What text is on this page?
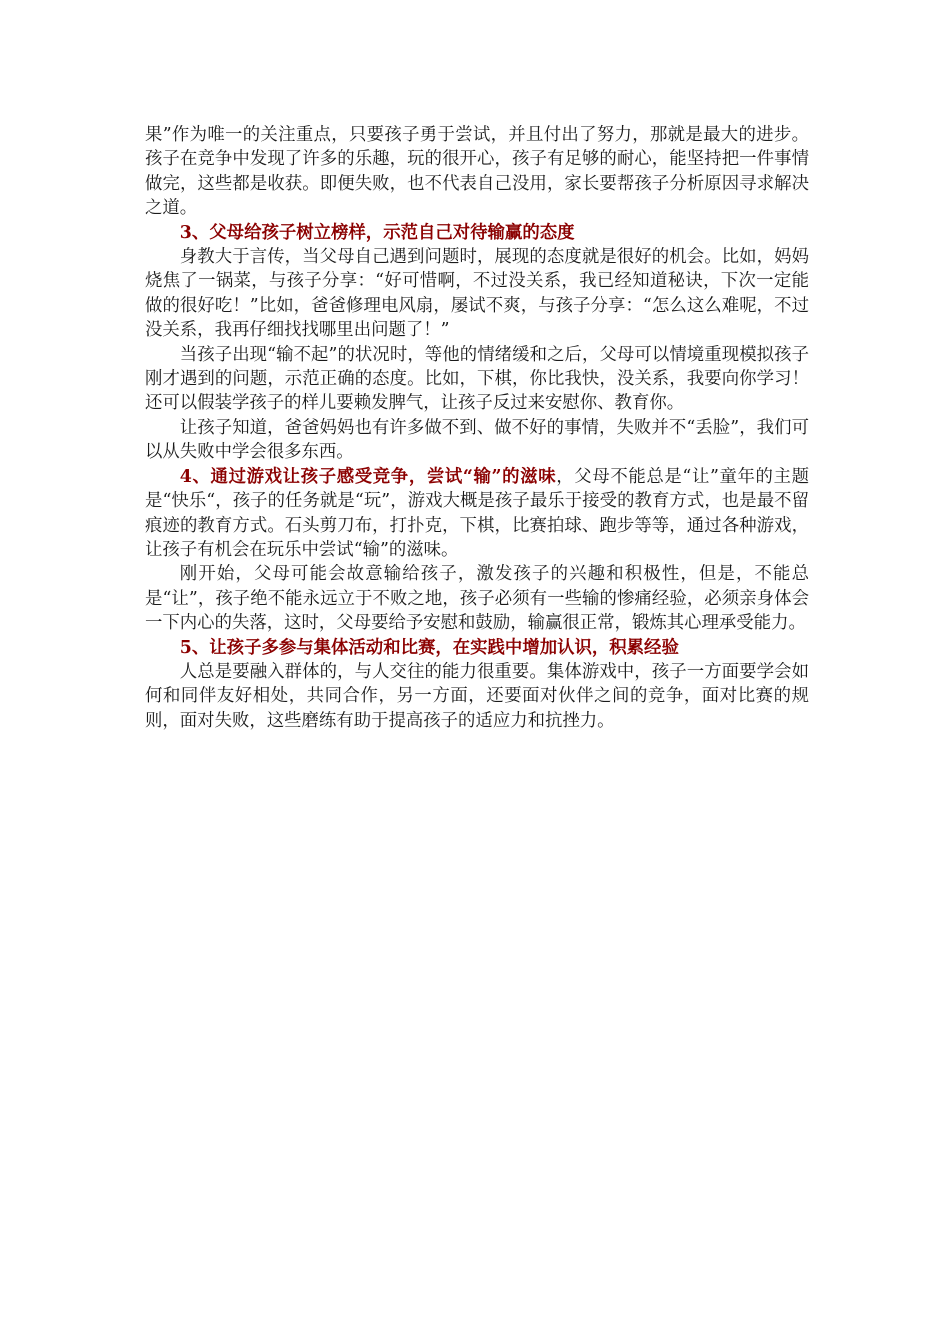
果”作为唯一的关注重点，只要孩子勇于尝试，并且付出了努力，那就是最大的进步。孩子在竞争中发现了许多的乐趣，玩的很开心，孩子有足够的耐心，能坚持把一件事情做完，这些都是收获。即便失败，也不代表自己没用，家长要帮孩子分析原因寻求解决之道。

3、父母给孩子树立榜样，示范自己对待输赢的态度

身教大于言传，当父母自己遇到问题时，展现的态度就是很好的机会。比如，妈妈烧焦了一锅菜，与孩子分享：“好可惜啊，不过没关系，我已经知道秘诀，下次一定能做的很好吃！”比如，爸爸修理电风扇，屡试不爽，与孩子分享：“怎么这么难呢，不过没关系，我再仔细找找哪里出问题了！”

当孩子出现“输不起”的状况时，等他的情绪缓和之后，父母可以情境重现模拟孩子刚才遇到的问题，示范正确的态度。比如，下棋，你比我快，没关系，我要向你学习！还可以假装学孩子的样儿要赖发脾气，让孩子反过来安慰你、教育你。

让孩子知道，爸爸妈妈也有许多做不到、做不好的事情，失败并不“丢脸”，我们可以从失败中学会很多东西。

4、通过游戏让孩子感受竞争，尝试“输”的滋味，父母不能总是“让”童年的主题是“快乐“，孩子的任务就是“玩”，游戏大概是孩子最乐于接受的教育方式，也是最不留痕迹的教育方式。石头剪刀布，打扑克，下棋，比赛拍球、跑步等等，通过各种游戏，让孩子有机会在玩乐中尝试“输”的滋味。

刚开始，父母可能会故意输给孩子，激发孩子的兴趣和积极性，但是，不能总是“让”，孩子绝不能永远立于不败之地，孩子必须有一些输的惨痛经验，必须亲身体会一下内心的失落，这时，父母要给予安慰和鼓励，输赢很正常，锻炼其心理承受能力。

5、让孩子多参与集体活动和比赛，在实践中增加认识，积累经验

人总是要融入群体的，与人交往的能力很重要。集体游戏中，孩子一方面要学会如何和同伴友好相处，共同合作，另一方面，还要面对伙伴之间的竞争，面对比赛的规则，面对失败，这些磨练有助于提高孩子的适应力和抗挫力。
